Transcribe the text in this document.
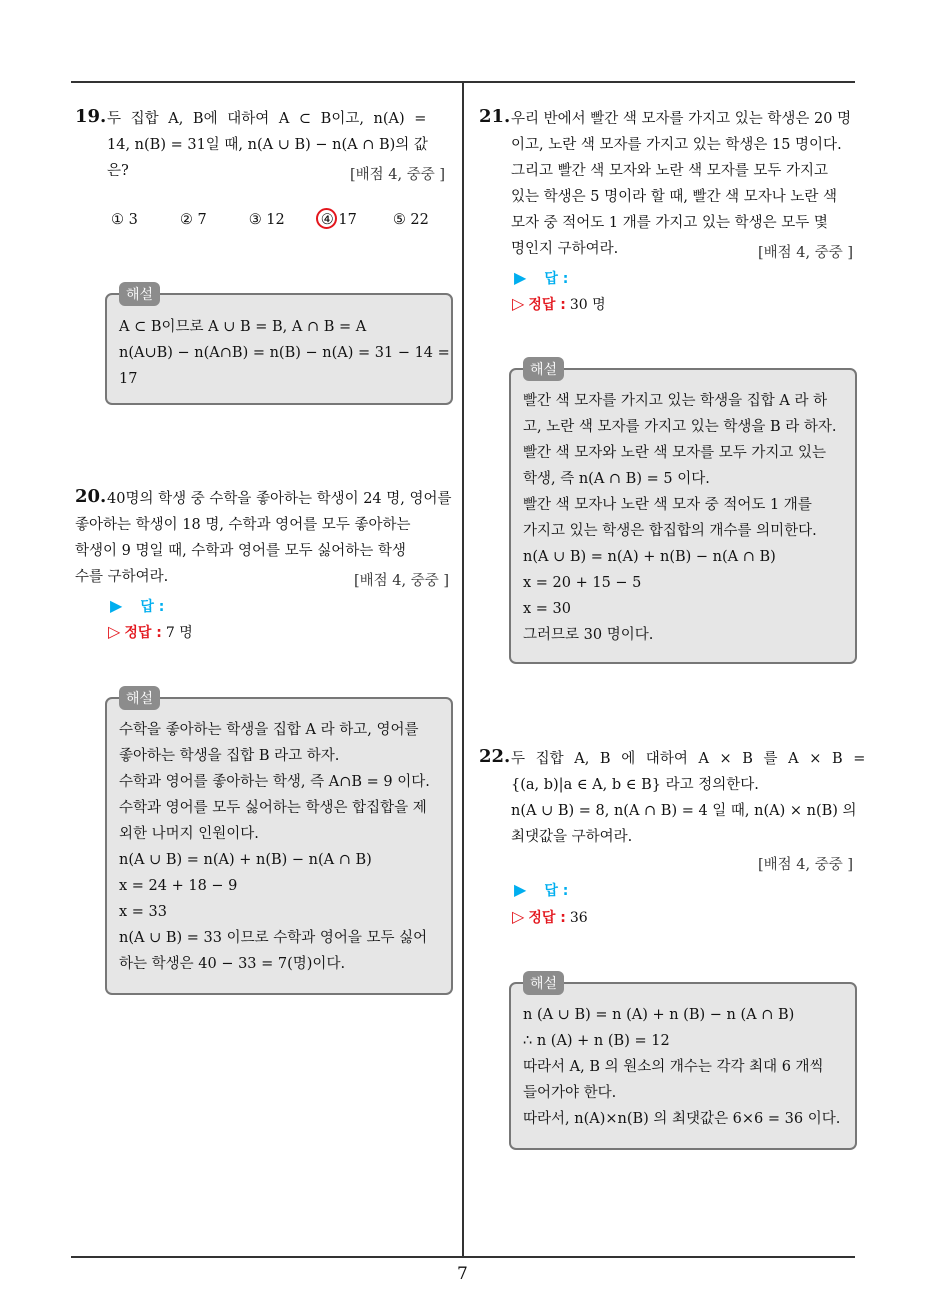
7
19. 두 집합 A, B에 대하여 A ⊂ B이고, n(A) =
14, n(B) = 31일 때, n(A ∪ B) − n(A ∩ B)의 값
은?	[배점 4, 중중 ]
① 3	② 7	③ 12 ④ 17 ⑤ 22
A ⊂ B이므로 A ∪ B = B, A ∩ B = A
n(A∪B) − n(A∩B) = n(B) − n(A) = 31 − 14 =
17
해설
20. 40명의 학생 중 수학을 좋아하는 학생이 24 명, 영어를
좋아하는 학생이 18 명, 수학과 영어를 모두 좋아하는
학생이 9 명일 때, 수학과 영어를 모두 싫어하는 학생
수를 구하여라.	[배점 4, 중중 ]
▶ 답 :
▷ 정답 : 7 명
수학을 좋아하는 학생을 집합 A 라 하고, 영어를
좋아하는 학생을 집합 B 라고 하자.
수학과 영어를 좋아하는 학생, 즉 A∩B = 9 이다.
수학과 영어를 모두 싫어하는 학생은 합집합을 제
외한 나머지 인원이다.
n(A ∪ B) = n(A) + n(B) − n(A ∩ B)
x = 24 + 18 − 9
x = 33
n(A ∪ B) = 33 이므로 수학과 영어을 모두 싫어
하는 학생은 40 − 33 = 7(명)이다.
해설
21. 우리 반에서 빨간 색 모자를 가지고 있는 학생은 20 명
이고, 노란 색 모자를 가지고 있는 학생은 15 명이다.
그리고 빨간 색 모자와 노란 색 모자를 모두 가지고
있는 학생은 5 명이라 할 때, 빨간 색 모자나 노란 색
모자 중 적어도 1 개를 가지고 있는 학생은 모두 몇
명인지 구하여라.	[배점 4, 중중 ]
▶ 답 :
▷ 정답 : 30 명
빨간 색 모자를 가지고 있는 학생을 집합 A 라 하
고, 노란 색 모자를 가지고 있는 학생을 B 라 하자.
빨간 색 모자와 노란 색 모자를 모두 가지고 있는
학생, 즉 n(A ∩ B) = 5 이다.
빨간 색 모자나 노란 색 모자 중 적어도 1 개를
가지고 있는 학생은 합집합의 개수를 의미한다.
n(A ∪ B) = n(A) + n(B) − n(A ∩ B)
x = 20 + 15 − 5
x = 30
그러므로 30 명이다.
해설
22. 두 집합 A, B 에 대하여 A × B 를 A × B =
{(a, b)|a ∈ A, b ∈ B} 라고 정의한다.
n(A ∪ B) = 8, n(A ∩ B) = 4 일 때, n(A) × n(B) 의
최댓값을 구하여라.
[배점 4, 중중 ]
▶ 답 :
▷ 정답 : 36
n (A ∪ B) = n (A) + n (B) − n (A ∩ B)
∴ n (A) + n (B) = 12
따라서 A, B 의 원소의 개수는 각각 최대 6 개씩
들어가야 한다.
따라서, n(A)×n(B) 의 최댓값은 6×6 = 36 이다.
해설
